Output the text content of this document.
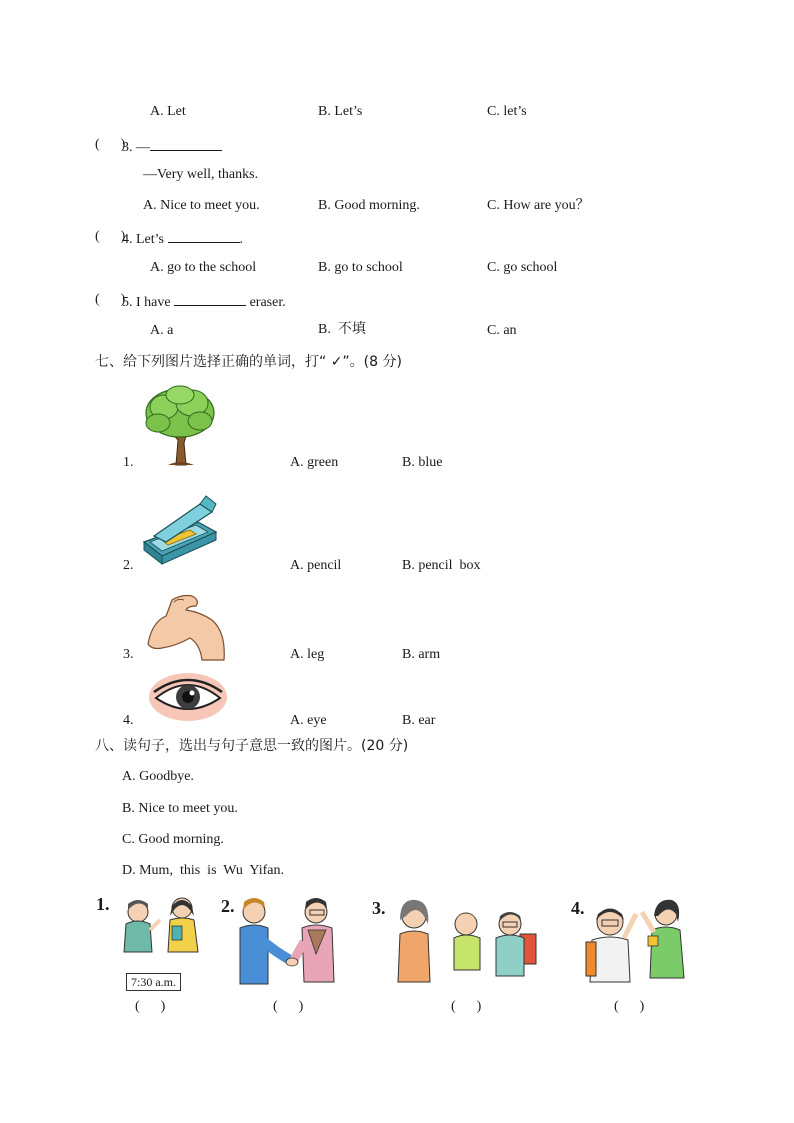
A. Let	B. Let’s	C. let’s
(      )
3. —
—Very well, thanks.
A. Nice to meet you.	B. Good morning.	C. How are you？
(      )
4. Let’s	.
A. go to the school	B. go to school	C. go school
(      )
5. I have	eraser.
A. a	B.  不填	C. an
七、给下列图片选择正确的单词，打“ ✓”。(8 分)
1.	A. green	B. blue
2.	A. pencil	B. pencil  box
3.	A. leg	B. arm
4.	A. eye	B. ear
八、读句子，选出与句子意思一致的图片。(20 分)
A. Goodbye.
B. Nice to meet you.
C. Good morning.
D. Mum,  this  is  Wu  Yifan.
1.
7:30 a.m.
(      )
2.
(      )
3.
(      )
4.
(      )
